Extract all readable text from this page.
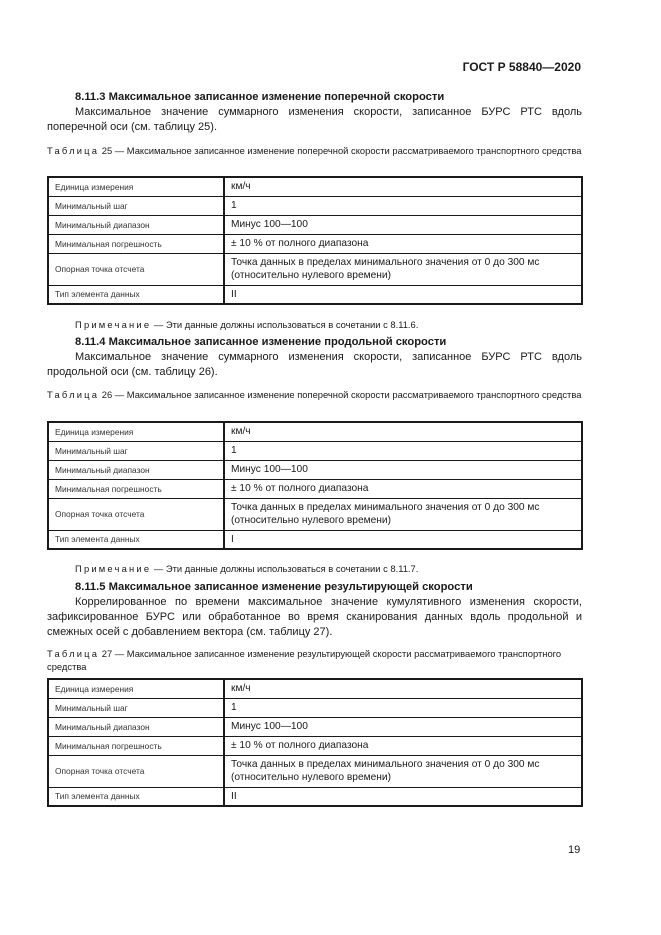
ГОСТ Р 58840—2020
8.11.3 Максимальное записанное изменение поперечной скорости
Максимальное значение суммарного изменения скорости, записанное БУРС РТС вдоль поперечной оси (см. таблицу 25).
Таблица 25 — Максимальное записанное изменение поперечной скорости рассматриваемого транспортного средства
Единица измерения	км/ч
Минимальный шаг	1
Минимальный диапазон	Минус 100—100
Минимальная погрешность	± 10 % от полного диапазона
Опорная точка отсчета	Точка данных в пределах минимального значения от 0 до 300 мс (относительно нулевого времени)
Тип элемента данных	II
Примечание — Эти данные должны использоваться в сочетании с 8.11.6.
8.11.4 Максимальное записанное изменение продольной скорости
Максимальное значение суммарного изменения скорости, записанное БУРС РТС вдоль продольной оси (см. таблицу 26).
Таблица 26 — Максимальное записанное изменение поперечной скорости рассматриваемого транспортного средства
Единица измерения	км/ч
Минимальный шаг	1
Минимальный диапазон	Минус 100—100
Минимальная погрешность	± 10 % от полного диапазона
Опорная точка отсчета	Точка данных в пределах минимального значения от 0 до 300 мс (относительно нулевого времени)
Тип элемента данных	I
Примечание — Эти данные должны использоваться в сочетании с 8.11.7.
8.11.5 Максимальное записанное изменение результирующей скорости
Коррелированное по времени максимальное значение кумулятивного изменения скорости, зафиксированное БУРС или обработанное во время сканирования данных вдоль продольной и смежных осей с добавлением вектора (см. таблицу 27).
Таблица 27 — Максимальное записанное изменение результирующей скорости рассматриваемого транспортного средства
Единица измерения	км/ч
Минимальный шаг	1
Минимальный диапазон	Минус 100—100
Минимальная погрешность	± 10 % от полного диапазона
Опорная точка отсчета	Точка данных в пределах минимального значения от 0 до 300 мс (относительно нулевого времени)
Тип элемента данных	II
19
